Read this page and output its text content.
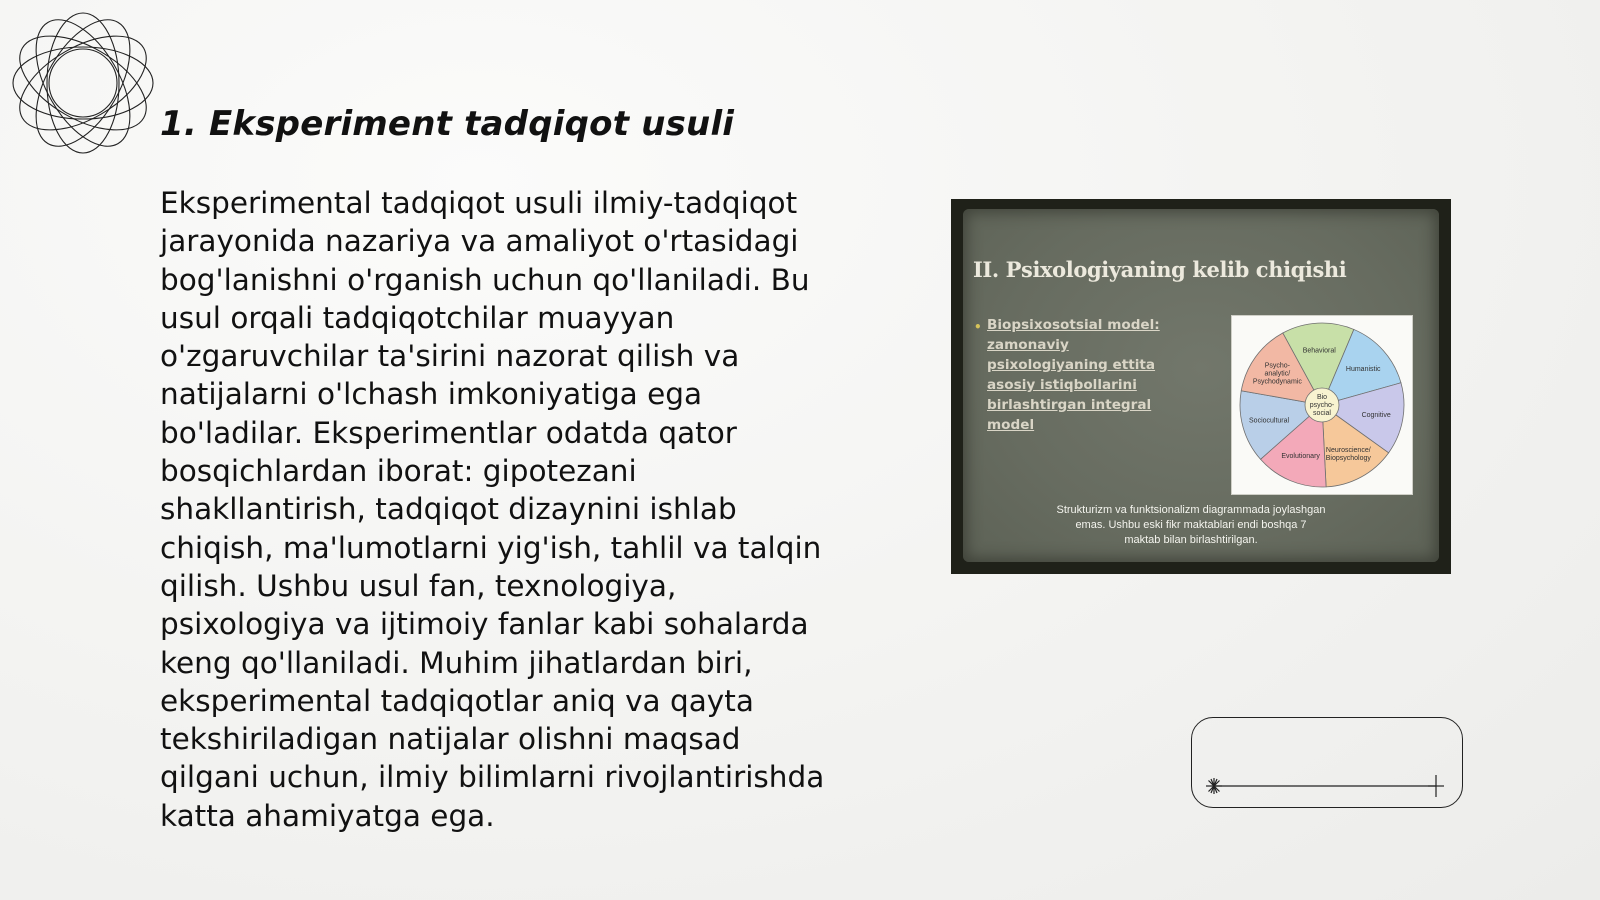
1. Eksperiment tadqiqot usuli

Eksperimental tadqiqot usuli ilmiy-tadqiqot jarayonida nazariya va amaliyot o'rtasidagi bog'lanishni o'rganish uchun qo'llaniladi. Bu usul orqali tadqiqotchilar muayyan o'zgaruvchilar ta'sirini nazorat qilish va natijalarni o'lchash imkoniyatiga ega bo'ladilar. Eksperimentlar odatda qator bosqichlardan iborat: gipotezani shakllantirish, tadqiqot dizaynini ishlab chiqish, ma'lumotlarni yig'ish, tahlil va talqin qilish. Ushbu usul fan, texnologiya, psixologiya va ijtimoiy fanlar kabi sohalarda keng qo'llaniladi. Muhim jihatlardan biri, eksperimental tadqiqotlar aniq va qayta tekshiriladigan natijalar olishni maqsad qilgani uchun, ilmiy bilimlarni rivojlantirishda katta ahamiyatga ega.

II. Psixologiyaning kelib chiqishi
• Biopsixosotsial model: zamonaviy psixologiyaning еttita asosiy istiqbollarini birlashtirgan integral model
Behavioral
Humanistic
Cognitive
Neuroscience/ Biopsychology
Evolutionary
Sociocultural
Psycho-analytic/ Psychodynamic
Bio psycho-social
Strukturizm va funktsionalizm diagrammada joylashgan emas. Ushbu eski fikr maktablari endi boshqa 7 maktab bilan birlashtirilgan.
